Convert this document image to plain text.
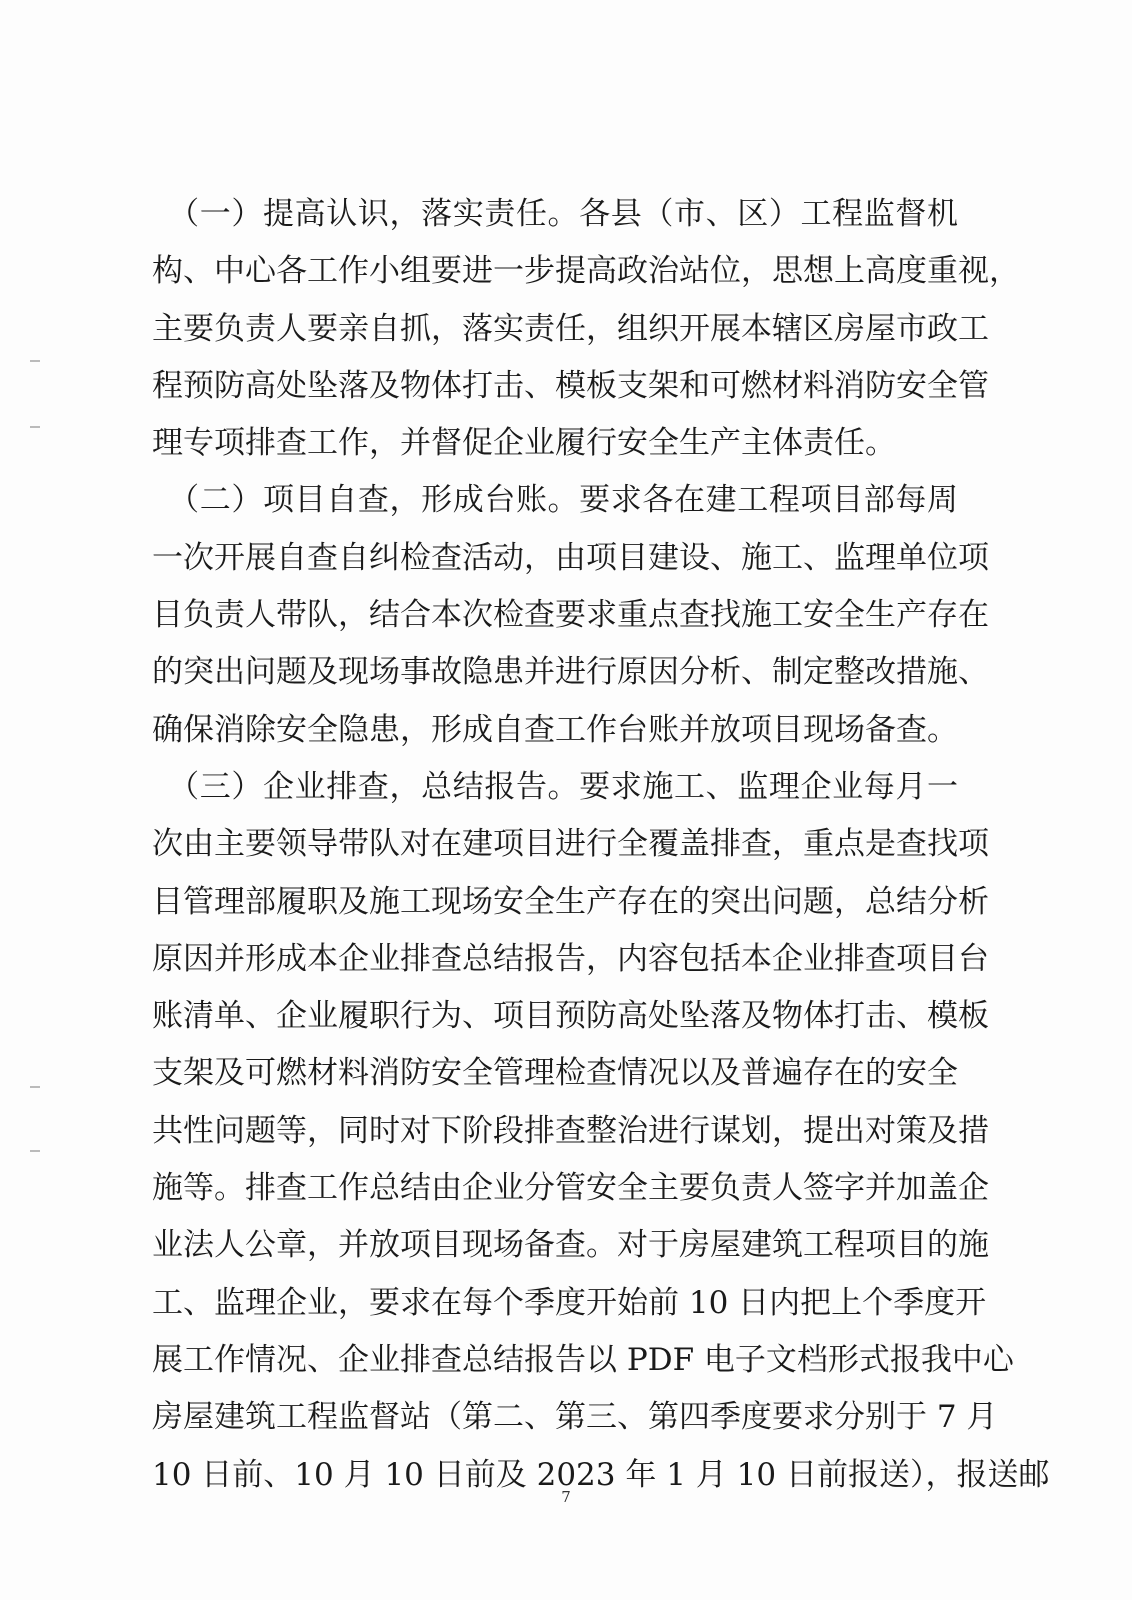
　（一）提高认识，落实责任。各县（市、区）工程监督机
构、中心各工作小组要进一步提高政治站位，思想上高度重视，
主要负责人要亲自抓，落实责任，组织开展本辖区房屋市政工
程预防高处坠落及物体打击、模板支架和可燃材料消防安全管
理专项排查工作，并督促企业履行安全生产主体责任。
　（二）项目自查，形成台账。要求各在建工程项目部每周
一次开展自查自纠检查活动，由项目建设、施工、监理单位项
目负责人带队，结合本次检查要求重点查找施工安全生产存在
的突出问题及现场事故隐患并进行原因分析、制定整改措施、
确保消除安全隐患，形成自查工作台账并放项目现场备查。
　（三）企业排查，总结报告。要求施工、监理企业每月一
次由主要领导带队对在建项目进行全覆盖排查，重点是查找项
目管理部履职及施工现场安全生产存在的突出问题，总结分析
原因并形成本企业排查总结报告，内容包括本企业排查项目台
账清单、企业履职行为、项目预防高处坠落及物体打击、模板
支架及可燃材料消防安全管理检查情况以及普遍存在的安全
共性问题等，同时对下阶段排查整治进行谋划，提出对策及措
施等。排查工作总结由企业分管安全主要负责人签字并加盖企
业法人公章，并放项目现场备查。对于房屋建筑工程项目的施
工、监理企业，要求在每个季度开始前 10 日内把上个季度开
展工作情况、企业排查总结报告以 PDF 电子文档形式报我中心
房屋建筑工程监督站（第二、第三、第四季度要求分别于 7 月
10 日前、10 月 10 日前及 2023 年 1 月 10 日前报送），报送邮
7
